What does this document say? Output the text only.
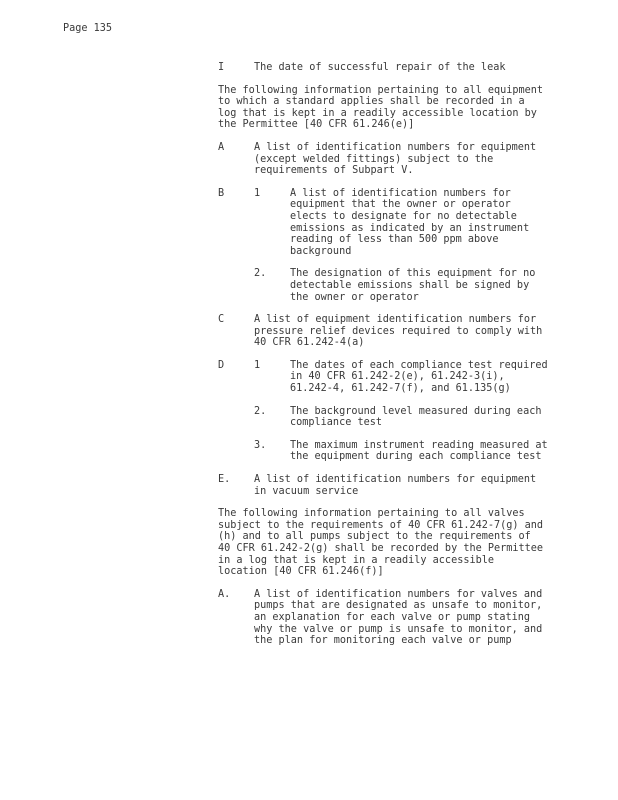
Page 135
I	The date of successful repair of the leak

The following information pertaining to all equipment to which a standard applies shall be recorded in a log that is kept in a readily accessible location by the Permittee [40 CFR 61.246(e)]

A	A list of identification numbers for equipment (except welded fittings) subject to the requirements of Subpart V.
B	1	A list of identification numbers for equipment that the owner or operator elects to designate for no detectable emissions as indicated by an instrument reading of less than 500 ppm above background
2. The designation of this equipment for no detectable emissions shall be signed by the owner or operator
C	A list of equipment identification numbers for pressure relief devices required to comply with 40 CFR 61.242-4(a)
D	1	The dates of each compliance test required in 40 CFR 61.242-2(e), 61.242-3(i), 61.242-4, 61.242-7(f), and 61.135(g)
2. The background level measured during each compliance test
3. The maximum instrument reading measured at the equipment during each compliance test
E. A list of identification numbers for equipment in vacuum service

The following information pertaining to all valves subject to the requirements of 40 CFR 61.242-7(g) and (h) and to all pumps subject to the requirements of 40 CFR 61.242-2(g) shall be recorded by the Permittee in a log that is kept in a readily accessible location [40 CFR 61.246(f)]

A. A list of identification numbers for valves and pumps that are designated as unsafe to monitor, an explanation for each valve or pump stating why the valve or pump is unsafe to monitor, and the plan for monitoring each valve or pump
